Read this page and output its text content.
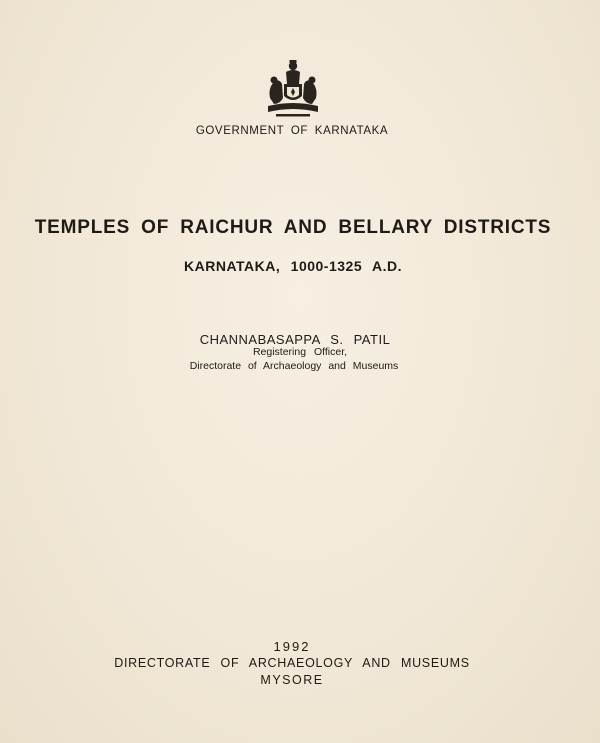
GOVERNMENT OF KARNATAKA
TEMPLES OF RAICHUR AND BELLARY DISTRICTS
KARNATAKA, 1000-1325 A.D.
CHANNABASAPPA S. PATIL
Registering Officer,
Directorate of Archaeology and Museums
1992
DIRECTORATE OF ARCHAEOLOGY AND MUSEUMS
MYSORE
